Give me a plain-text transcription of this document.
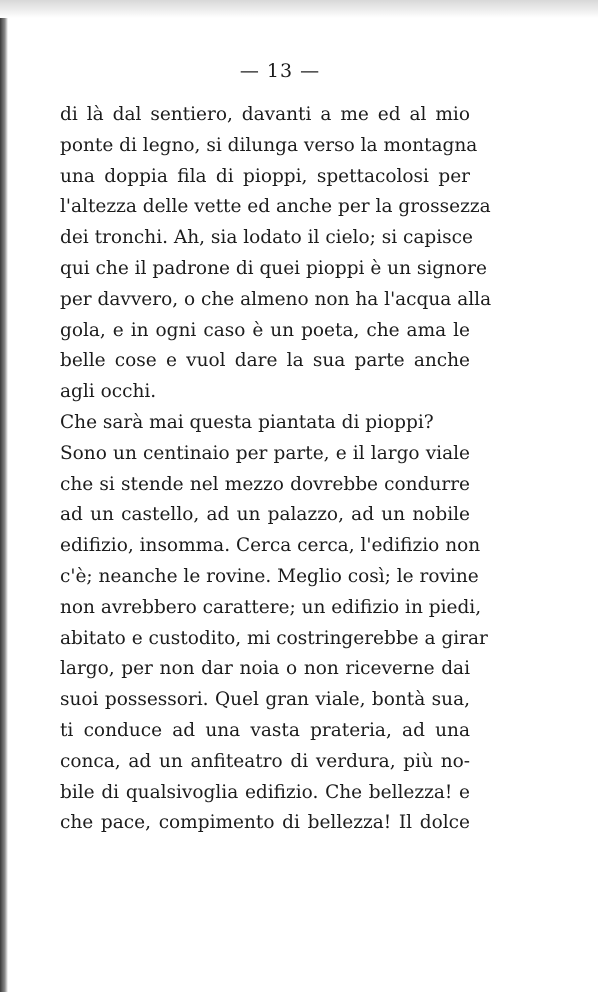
— 13 —
di là dal sentiero, davanti a me ed al mio
ponte di legno, si dilunga verso la montagna
una doppia fila di pioppi, spettacolosi per
l'altezza delle vette ed anche per la grossezza
dei tronchi. Ah, sia lodato il cielo; si capisce
qui che il padrone di quei pioppi è un signore
per davvero, o che almeno non ha l'acqua alla
gola, e in ogni caso è un poeta, che ama le
belle cose e vuol dare la sua parte anche
agli occhi.
Che sarà mai questa piantata di pioppi?
Sono un centinaio per parte, e il largo viale
che si stende nel mezzo dovrebbe condurre
ad un castello, ad un palazzo, ad un nobile
edifizio, insomma. Cerca cerca, l'edifizio non
c'è; neanche le rovine. Meglio così; le rovine
non avrebbero carattere; un edifizio in piedi,
abitato e custodito, mi costringerebbe a girar
largo, per non dar noia o non riceverne dai
suoi possessori. Quel gran viale, bontà sua,
ti conduce ad una vasta prateria, ad una
conca, ad un anfiteatro di verdura, più no-
bile di qualsivoglia edifizio. Che bellezza! e
che pace, compimento di bellezza! Il dolce
